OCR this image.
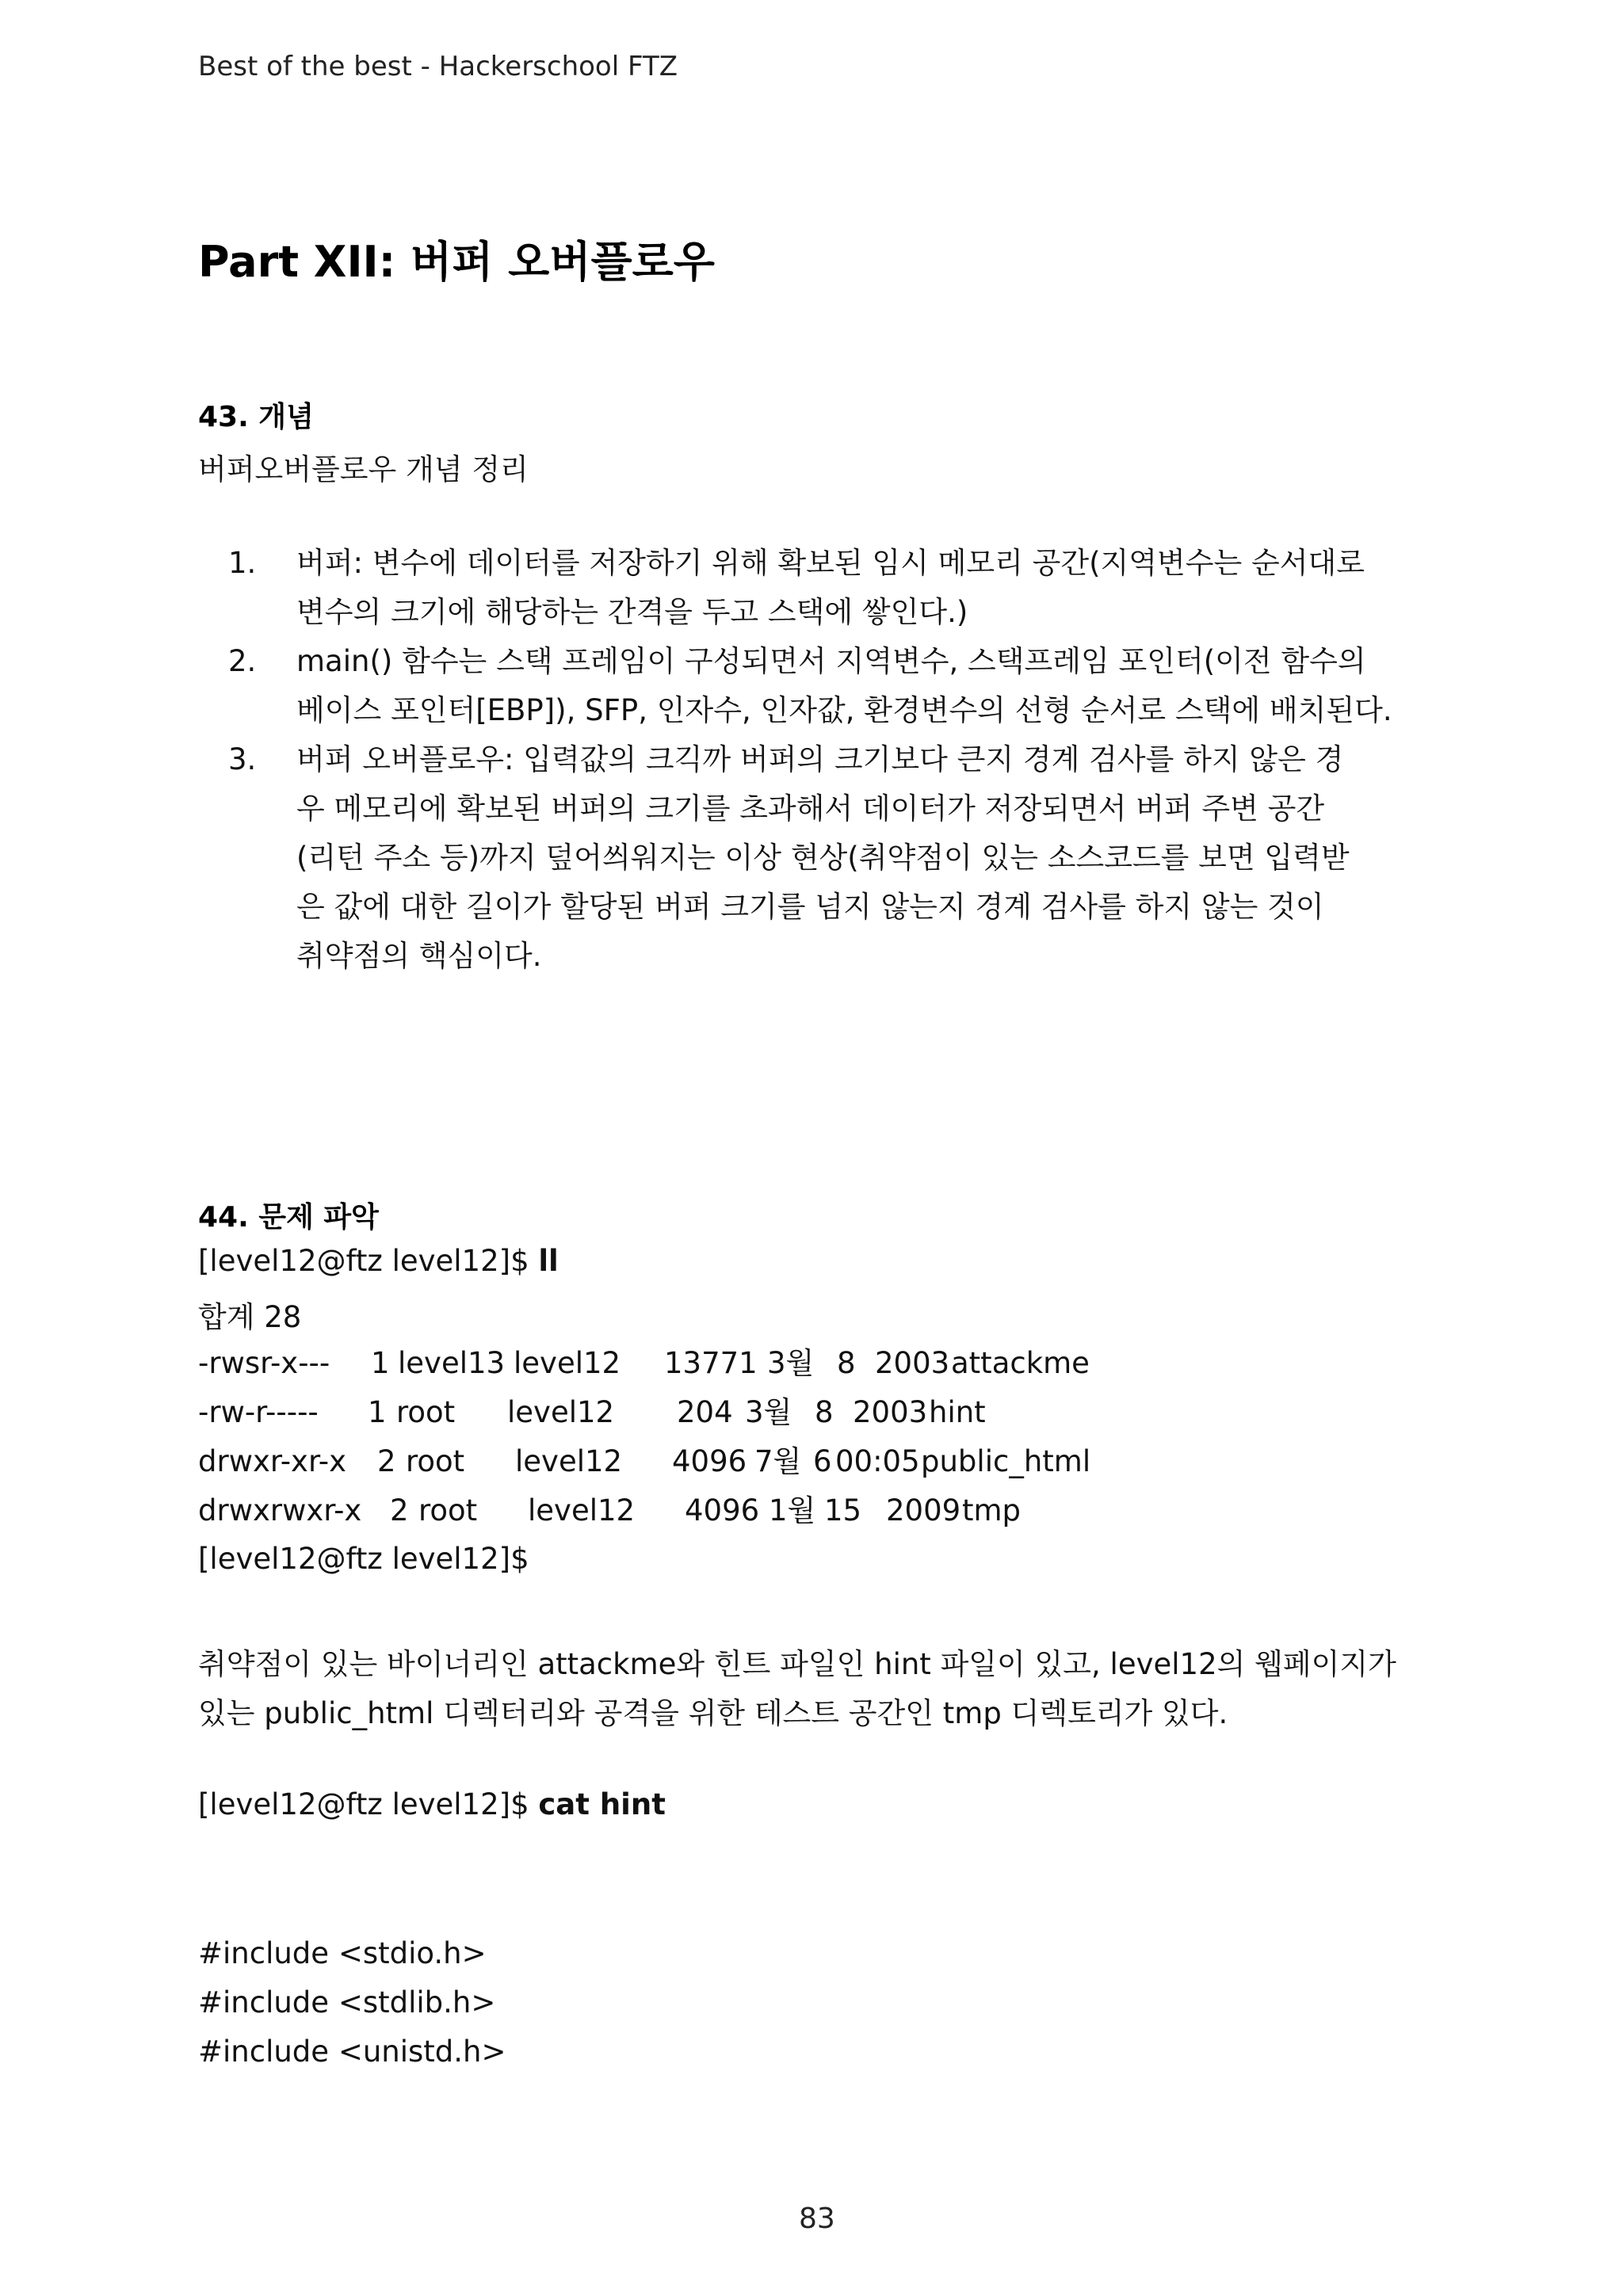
Best of the best - Hackerschool FTZ
Part XII: 버퍼 오버플로우
43. 개념
버퍼오버플로우 개념 정리
1. 버퍼: 변수에 데이터를 저장하기 위해 확보된 임시 메모리 공간(지역변수는 순서대로
변수의 크기에 해당하는 간격을 두고 스택에 쌓인다.)
2. main() 함수는 스택 프레임이 구성되면서 지역변수, 스택프레임 포인터(이전 함수의
베이스 포인터[EBP]), SFP, 인자수, 인자값, 환경변수의 선형 순서로 스택에 배치된다.
3. 버퍼 오버플로우: 입력값의 크긱까 버퍼의 크기보다 큰지 경계 검사를 하지 않은 경
우 메모리에 확보된 버퍼의 크기를 초과해서 데이터가 저장되면서 버퍼 주변 공간
(리턴 주소 등)까지 덮어씌워지는 이상 현상(취약점이 있는 소스코드를 보면 입력받
은 값에 대한 길이가 할당된 버퍼 크기를 넘지 않는지 경계 검사를 하지 않는 것이
취약점의 핵심이다.
44. 문제 파악
[level12@ftz level12]$ ll
합계 28
-rwsr-x--- 1 level13 level12 13771 3월 8 2003 attackme
-rw-r----- 1 root level12 204 3월 8 2003 hint
drwxr-xr-x 2 root level12 4096 7월 6 00:05 public_html
drwxrwxr-x 2 root level12 4096 1월 15 2009 tmp
[level12@ftz level12]$
취약점이 있는 바이너리인 attackme와 힌트 파일인 hint 파일이 있고, level12의 웹페이지가
있는 public_html 디렉터리와 공격을 위한 테스트 공간인 tmp 디렉토리가 있다.
[level12@ftz level12]$ cat hint
#include <stdio.h>
#include <stdlib.h>
#include <unistd.h>
83
